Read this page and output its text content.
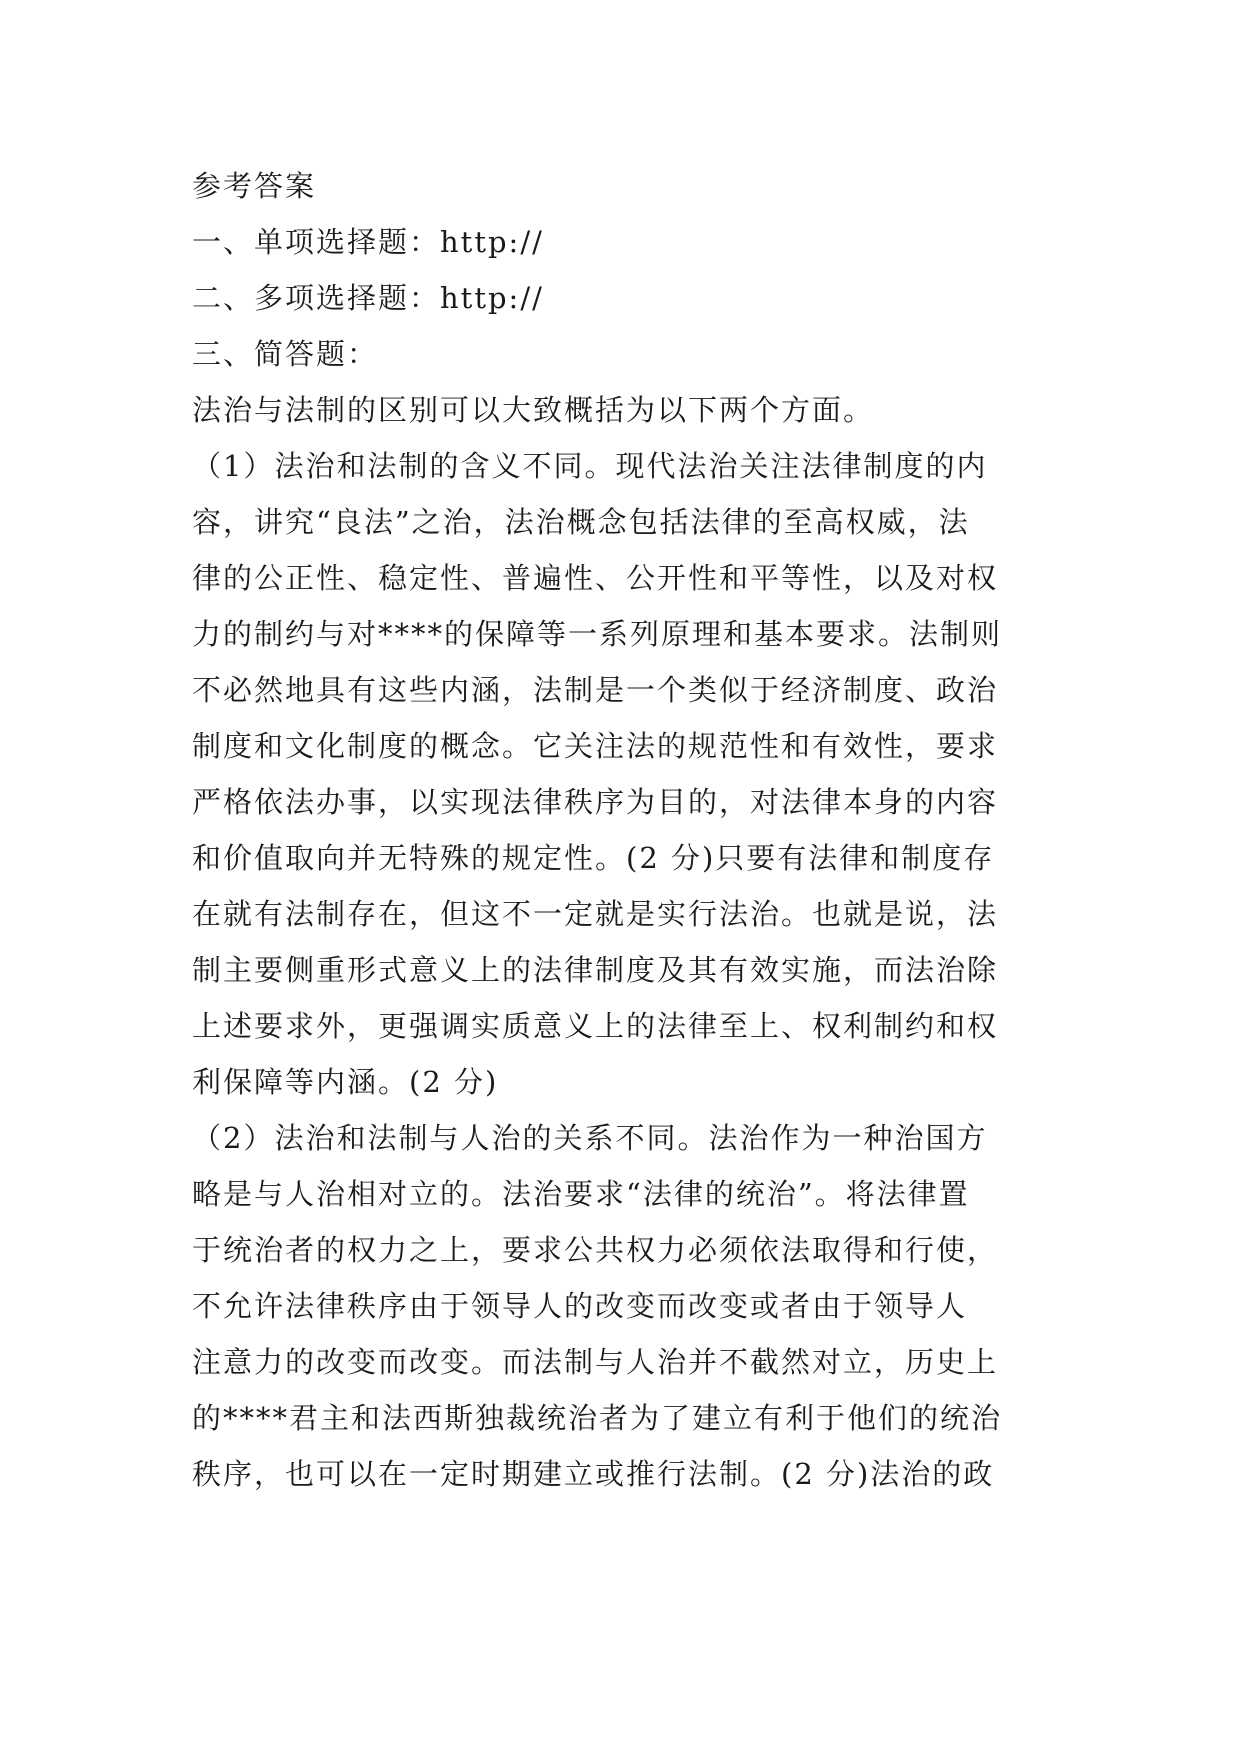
参考答案
一、单项选择题：http://
二、多项选择题：http://
三、简答题：
法治与法制的区别可以大致概括为以下两个方面。
（1）法治和法制的含义不同。现代法治关注法律制度的内
容，讲究“良法”之治，法治概念包括法律的至高权威，法
律的公正性、稳定性、普遍性、公开性和平等性，以及对权
力的制约与对****的保障等一系列原理和基本要求。法制则
不必然地具有这些内涵，法制是一个类似于经济制度、政治
制度和文化制度的概念。它关注法的规范性和有效性，要求
严格依法办事，以实现法律秩序为目的，对法律本身的内容
和价值取向并无特殊的规定性。(2 分)只要有法律和制度存
在就有法制存在，但这不一定就是实行法治。也就是说，法
制主要侧重形式意义上的法律制度及其有效实施，而法治除
上述要求外，更强调实质意义上的法律至上、权利制约和权
利保障等内涵。(2 分)
（2）法治和法制与人治的关系不同。法治作为一种治国方
略是与人治相对立的。法治要求“法律的统治”。将法律置
于统治者的权力之上，要求公共权力必须依法取得和行使，
不允许法律秩序由于领导人的改变而改变或者由于领导人
注意力的改变而改变。而法制与人治并不截然对立，历史上
的****君主和法西斯独裁统治者为了建立有利于他们的统治
秩序，也可以在一定时期建立或推行法制。(2 分)法治的政
